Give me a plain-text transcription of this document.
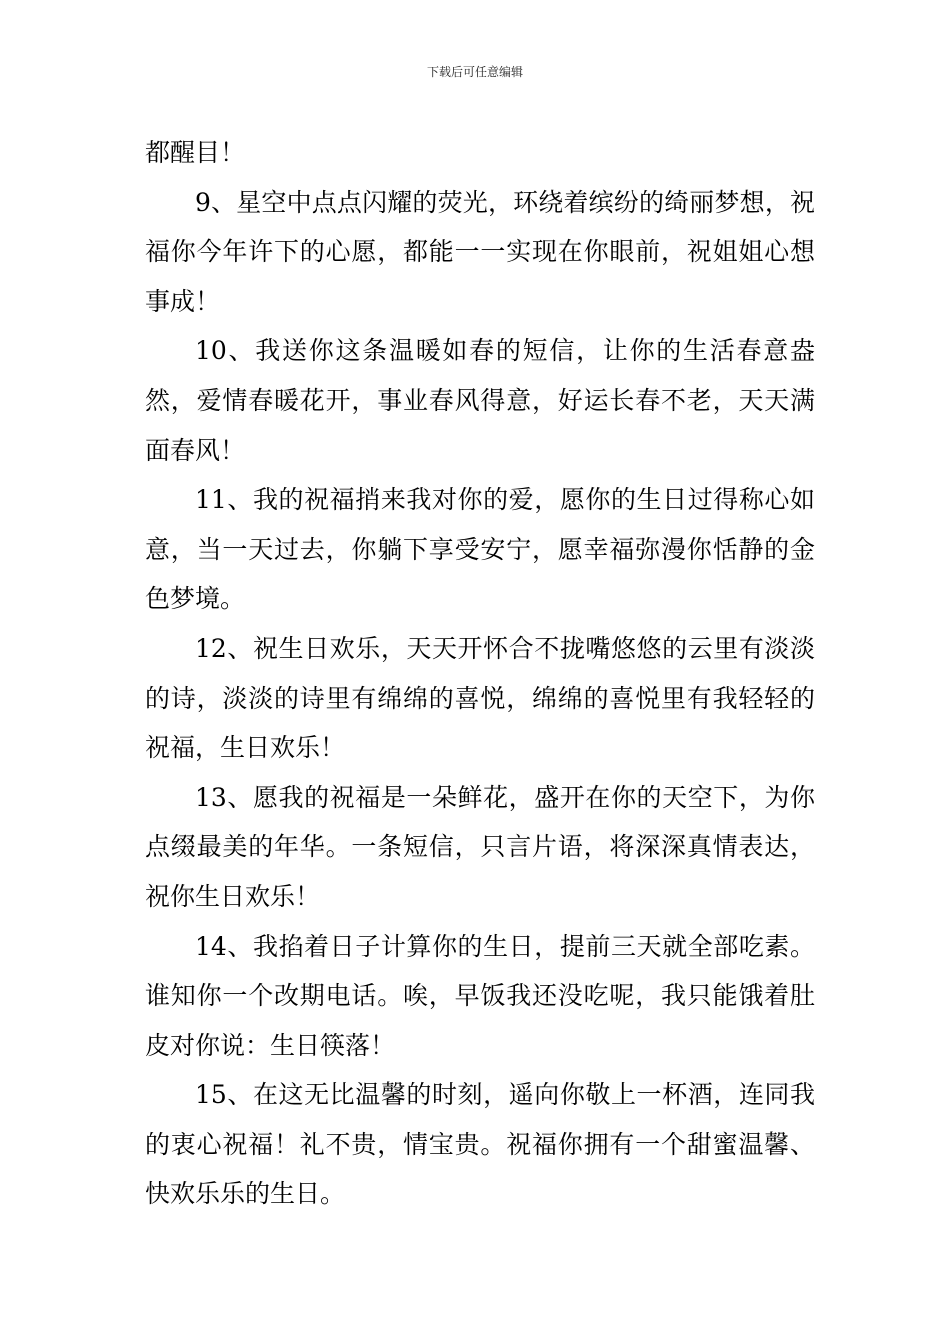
下载后可任意编辑

都醒目！

9、星空中点点闪耀的荧光，环绕着缤纷的绮丽梦想，祝福你今年许下的心愿，都能一一实现在你眼前，祝姐姐心想事成！

10、我送你这条温暖如春的短信，让你的生活春意盎然，爱情春暖花开，事业春风得意，好运长春不老，天天满面春风！

11、我的祝福捎来我对你的爱，愿你的生日过得称心如意，当一天过去，你躺下享受安宁，愿幸福弥漫你恬静的金色梦境。

12、祝生日欢乐，天天开怀合不拢嘴悠悠的云里有淡淡的诗，淡淡的诗里有绵绵的喜悦，绵绵的喜悦里有我轻轻的祝福，生日欢乐！

13、愿我的祝福是一朵鲜花，盛开在你的天空下，为你点缀最美的年华。一条短信，只言片语，将深深真情表达，祝你生日欢乐！

14、我掐着日子计算你的生日，提前三天就全部吃素。谁知你一个改期电话。唉，早饭我还没吃呢，我只能饿着肚皮对你说：生日筷落！

15、在这无比温馨的时刻，遥向你敬上一杯酒，连同我的衷心祝福！礼不贵，情宝贵。祝福你拥有一个甜蜜温馨、快欢乐乐的生日。
